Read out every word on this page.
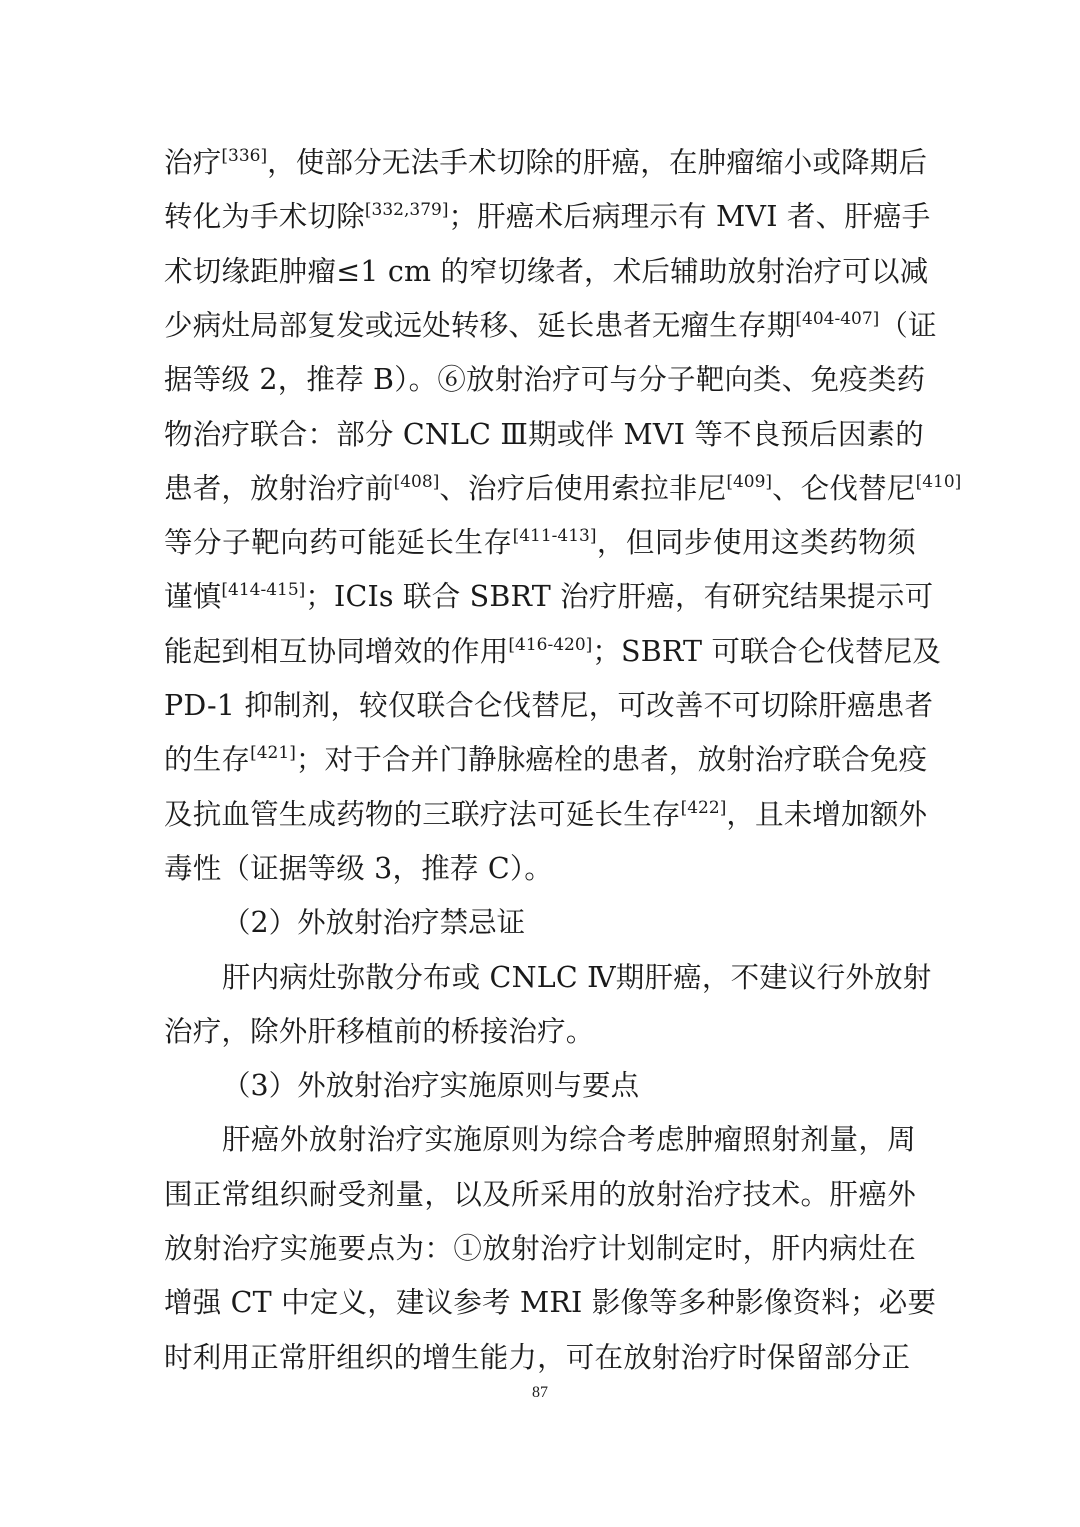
治疗[336]，使部分无法手术切除的肝癌，在肿瘤缩小或降期后
转化为手术切除[332,379]；肝癌术后病理示有 MVI 者、肝癌手
术切缘距肿瘤≤1 cm 的窄切缘者，术后辅助放射治疗可以减
少病灶局部复发或远处转移、延长患者无瘤生存期[404-407]（证
据等级 2，推荐 B）。⑥放射治疗可与分子靶向类、免疫类药
物治疗联合：部分 CNLC Ⅲ期或伴 MVI 等不良预后因素的
患者，放射治疗前[408]、治疗后使用索拉非尼[409]、仑伐替尼[410]
等分子靶向药可能延长生存[411-413]，但同步使用这类药物须
谨慎[414-415]；ICIs 联合 SBRT 治疗肝癌，有研究结果提示可
能起到相互协同增效的作用[416-420]；SBRT 可联合仑伐替尼及
PD-1 抑制剂，较仅联合仑伐替尼，可改善不可切除肝癌患者
的生存[421]；对于合并门静脉癌栓的患者，放射治疗联合免疫
及抗血管生成药物的三联疗法可延长生存[422]，且未增加额外
毒性（证据等级 3，推荐 C）。
（2）外放射治疗禁忌证
肝内病灶弥散分布或 CNLC Ⅳ期肝癌，不建议行外放射
治疗，除外肝移植前的桥接治疗。
（3）外放射治疗实施原则与要点
肝癌外放射治疗实施原则为综合考虑肿瘤照射剂量，周
围正常组织耐受剂量，以及所采用的放射治疗技术。肝癌外
放射治疗实施要点为：①放射治疗计划制定时，肝内病灶在
增强 CT 中定义，建议参考 MRI 影像等多种影像资料；必要
时利用正常肝组织的增生能力，可在放射治疗时保留部分正
87
